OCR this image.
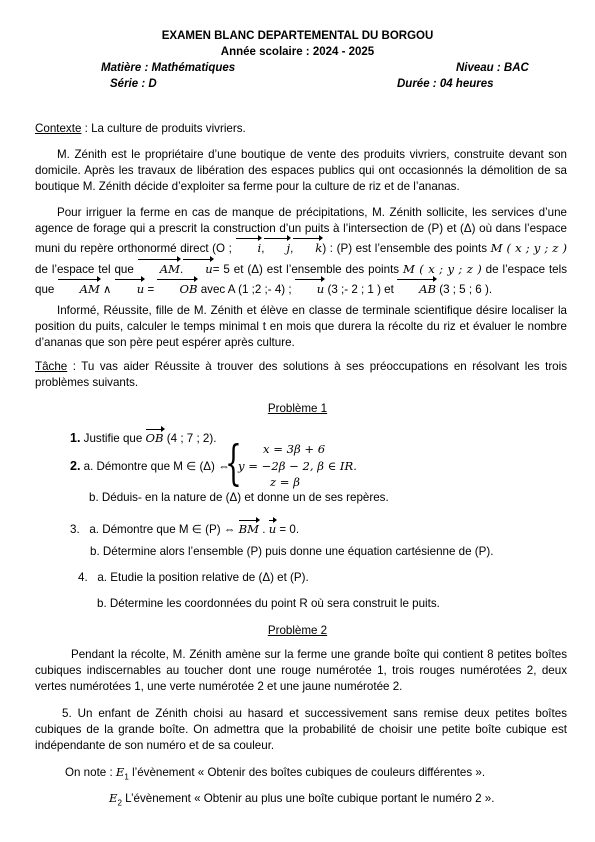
EXAMEN BLANC DEPARTEMENTAL DU BORGOU
Année scolaire : 2024 - 2025
Matière : Mathématiques	Niveau : BAC
Série : D	Durée : 04 heures
Contexte : La culture de produits vivriers.
M. Zénith est le propriétaire d’une boutique de vente des produits vivriers, construite devant son domicile. Après les travaux de libération des espaces publics qui ont occasionnés la démolition de sa boutique M. Zénith décide d’exploiter sa ferme pour la culture de riz et de l’ananas.
Pour irriguer la ferme en cas de manque de précipitations, M. Zénith sollicite, les services d’une agence de forage qui a prescrit la construction d’un puits à l’intersection de (P) et (Δ) où dans l’espace muni du repère orthonormé direct (O ; i, j, k) : (P) est l’ensemble des points M ( x ; y ; z ) de l’espace tel que AM. u= 5 et (Δ) est l’ensemble des points M ( x ; y ; z ) de l’espace tels que AM ∧ u = OB avec A (1 ;2 ;- 4) ; u (3 ;- 2 ; 1 ) et AB (3 ; 5 ; 6 ).
Informé, Réussite, fille de M. Zénith et élève en classe de terminale scientifique désire localiser la position du puits, calculer le temps minimal t en mois que durera la récolte du riz et évaluer le nombre d’ananas que son père peut espérer après culture.
Tâche : Tu vas aider Réussite à trouver des solutions à ses préoccupations en résolvant les trois problèmes suivants.
Problème 1
1. Justifie que OB (4 ; 7 ; 2).
2. a. Démontre que M ∈ (Δ) ⇔
{ x = 3β + 6
y = −2β − 2, β ∈ IR.
z = β
b. Déduis- en la nature de (Δ) et donne un de ses repères.
3. a. Démontre que M ∈ (P) ⇔ BM . u = 0.
b. Détermine alors l’ensemble (P) puis donne une équation cartésienne de (P).
4. a. Etudie la position relative de (Δ) et (P).
b. Détermine les coordonnées du point R où sera construit le puits.
Problème 2
Pendant la récolte, M. Zénith amène sur la ferme une grande boîte qui contient 8 petites boîtes cubiques indiscernables au toucher dont une rouge numérotée 1, trois rouges numérotées 2, deux vertes numérotées 1, une verte numérotée 2 et une jaune numérotée 2.
5. Un enfant de Zénith choisi au hasard et successivement sans remise deux petites boîtes cubiques de la grande boîte. On admettra que la probabilité de choisir une petite boîte cubique est indépendante de son numéro et de sa couleur.
On note : $E_1$ l’évènement « Obtenir des boîtes cubiques de couleurs différentes ».
$E_2$ L’évènement « Obtenir au plus une boîte cubique portant le numéro 2 ».
